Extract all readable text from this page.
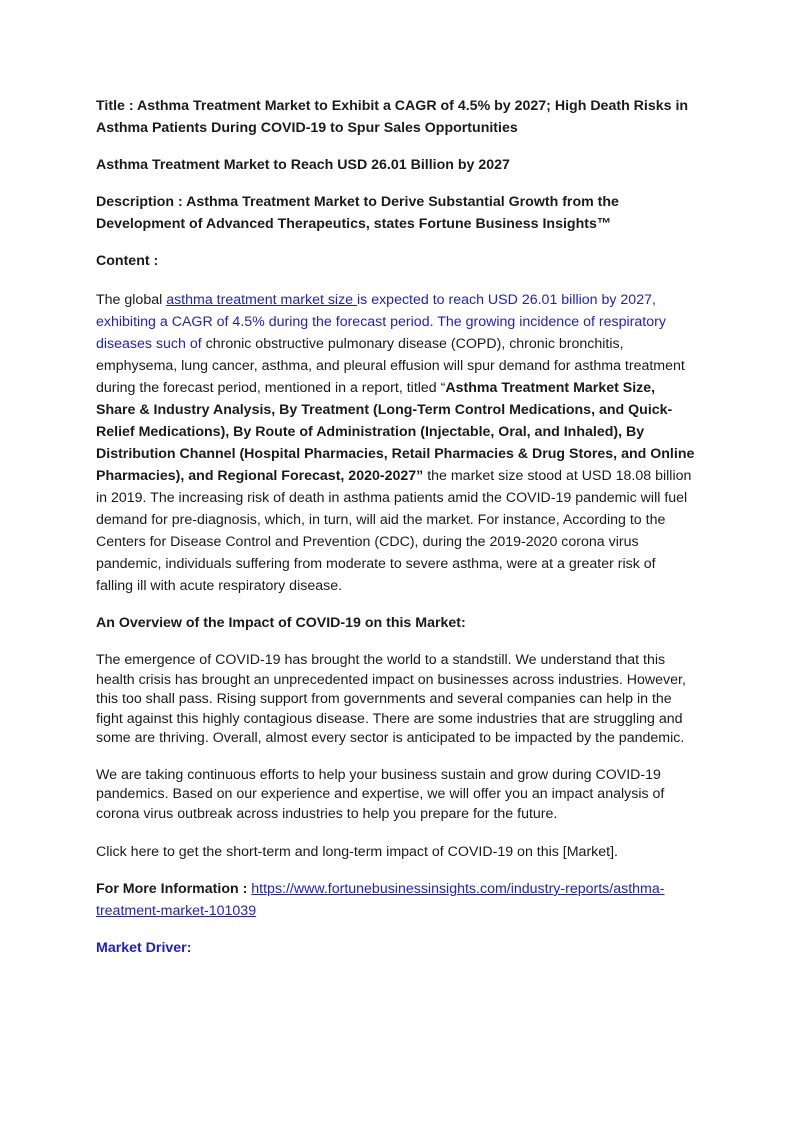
Title : Asthma Treatment Market to Exhibit a CAGR of 4.5% by 2027; High Death Risks in Asthma Patients During COVID-19 to Spur Sales Opportunities

Asthma Treatment Market to Reach USD 26.01 Billion by 2027

Description : Asthma Treatment Market to Derive Substantial Growth from the Development of Advanced Therapeutics, states Fortune Business Insights™

Content :

The global asthma treatment market size is expected to reach USD 26.01 billion by 2027, exhibiting a CAGR of 4.5% during the forecast period. The growing incidence of respiratory diseases such of chronic obstructive pulmonary disease (COPD), chronic bronchitis, emphysema, lung cancer, asthma, and pleural effusion will spur demand for asthma treatment during the forecast period, mentioned in a report, titled “Asthma Treatment Market Size, Share & Industry Analysis, By Treatment (Long-Term Control Medications, and Quick-Relief Medications), By Route of Administration (Injectable, Oral, and Inhaled), By Distribution Channel (Hospital Pharmacies, Retail Pharmacies & Drug Stores, and Online Pharmacies), and Regional Forecast, 2020-2027” the market size stood at USD 18.08 billion in 2019. The increasing risk of death in asthma patients amid the COVID-19 pandemic will fuel demand for pre-diagnosis, which, in turn, will aid the market. For instance, According to the Centers for Disease Control and Prevention (CDC), during the 2019-2020 corona virus pandemic, individuals suffering from moderate to severe asthma, were at a greater risk of falling ill with acute respiratory disease.

An Overview of the Impact of COVID-19 on this Market:

The emergence of COVID-19 has brought the world to a standstill. We understand that this health crisis has brought an unprecedented impact on businesses across industries. However, this too shall pass. Rising support from governments and several companies can help in the fight against this highly contagious disease. There are some industries that are struggling and some are thriving. Overall, almost every sector is anticipated to be impacted by the pandemic.

We are taking continuous efforts to help your business sustain and grow during COVID-19 pandemics. Based on our experience and expertise, we will offer you an impact analysis of corona virus outbreak across industries to help you prepare for the future.

Click here to get the short-term and long-term impact of COVID-19 on this [Market].

For More Information : https://www.fortunebusinessinsights.com/industry-reports/asthma-treatment-market-101039

Market Driver:
